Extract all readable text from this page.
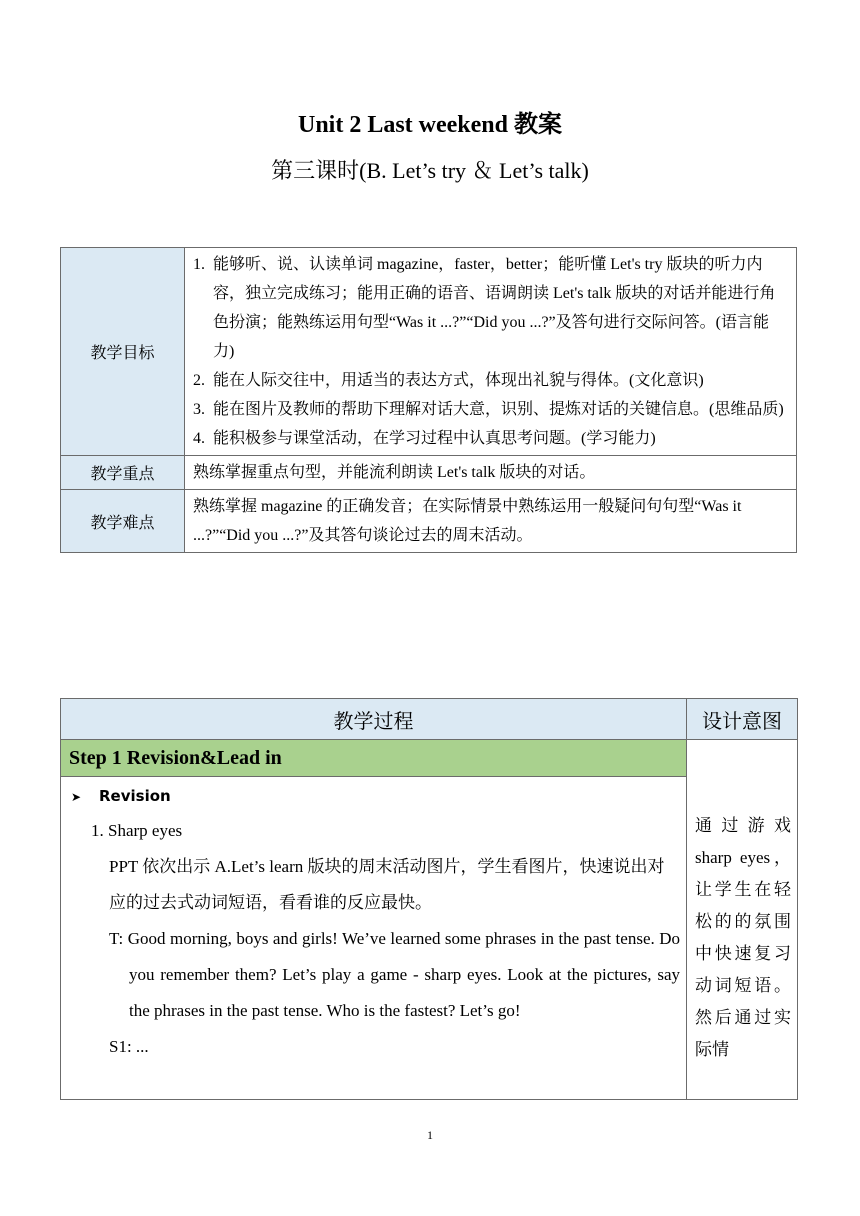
Unit 2 Last weekend 教案
第三课时(B. Let’s try ＆ Let’s talk)
教学目标	1. 能够听、说、认读单词 magazine，faster，better；能听懂 Let's try 版块的听力内容，独立完成练习；能用正确的语音、语调朗读 Let's talk 版块的对话并能进行角色扮演；能熟练运用句型“Was it ...?”“Did you ...?”及答句进行交际问答。(语言能力)
2. 能在人际交往中，用适当的表达方式，体现出礼貌与得体。(文化意识)
3. 能在图片及教师的帮助下理解对话大意，识别、提炼对话的关键信息。(思维品质)
4. 能积极参与课堂活动，在学习过程中认真思考问题。(学习能力)

教学重点	熟练掌握重点句型，并能流利朗读 Let's talk 版块的对话。
教学难点	熟练掌握 magazine 的正确发音；在实际情景中熟练运用一般疑问句句型“Was it ...?”“Did you ...?”及其答句谈论过去的周末活动。
教学过程	设计意图
Step 1 Revision&Lead in	通过游戏 sharp eyes，让学生在轻松的的氛围中快速复习动词短语。然后通过实际情

➤ Revision
1. Sharp eyes
PPT 依次出示 A.Let’s learn 版块的周末活动图片，学生看图片，快速说出对应的过去式动词短语，看看谁的反应最快。
T: Good morning, boys and girls! We’ve learned some phrases in the past tense. Do you remember them? Let’s play a game - sharp eyes. Look at the pictures, say the phrases in the past tense. Who is the fastest? Let’s go!
S1: ...	
1
